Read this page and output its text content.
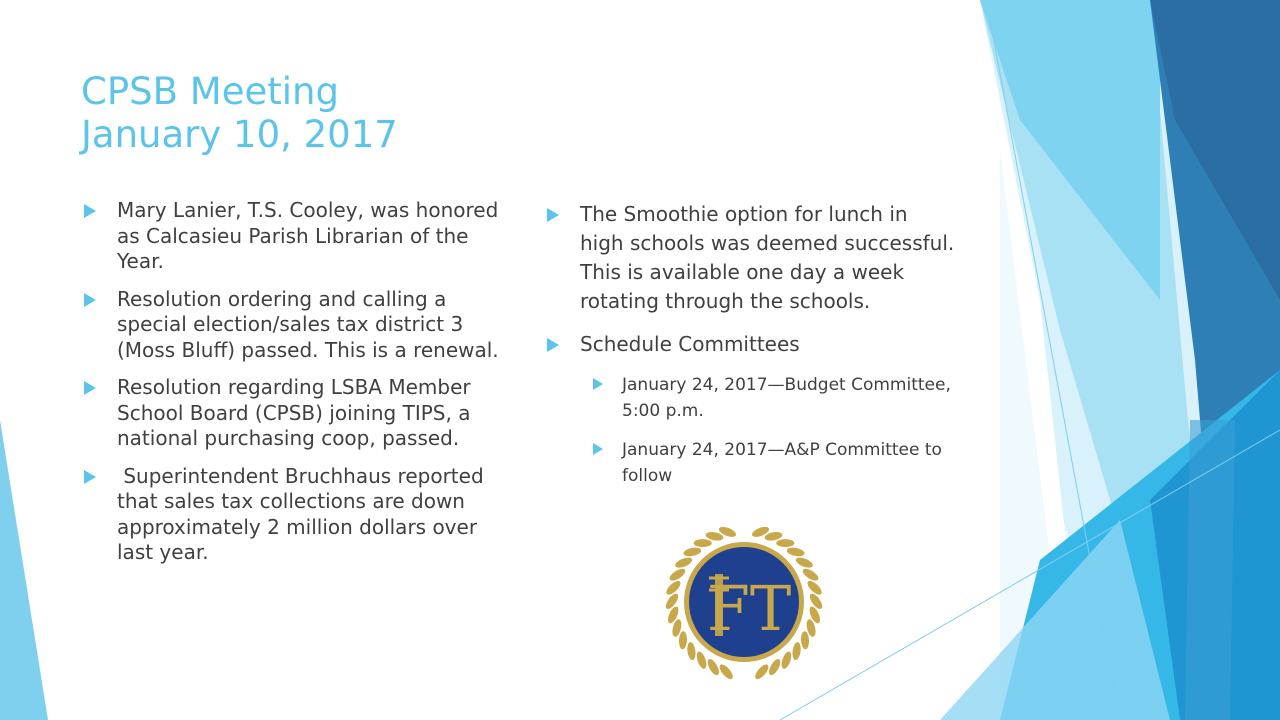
CPSB Meeting
January 10, 2017
Mary Lanier, T.S. Cooley, was honored as Calcasieu Parish Librarian of the Year.
Resolution ordering and calling a special election/sales tax district 3 (Moss Bluff) passed. This is a renewal.
Resolution regarding LSBA Member School Board (CPSB) joining TIPS, a national purchasing coop, passed.
Superintendent Bruchhaus reported that sales tax collections are down approximately 2 million dollars over last year.
The Smoothie option for lunch in high schools was deemed successful. This is available one day a week rotating through the schools.
Schedule Committees
January 24, 2017—Budget Committee,  5:00 p.m.
January 24, 2017—A&P Committee to follow
FT
